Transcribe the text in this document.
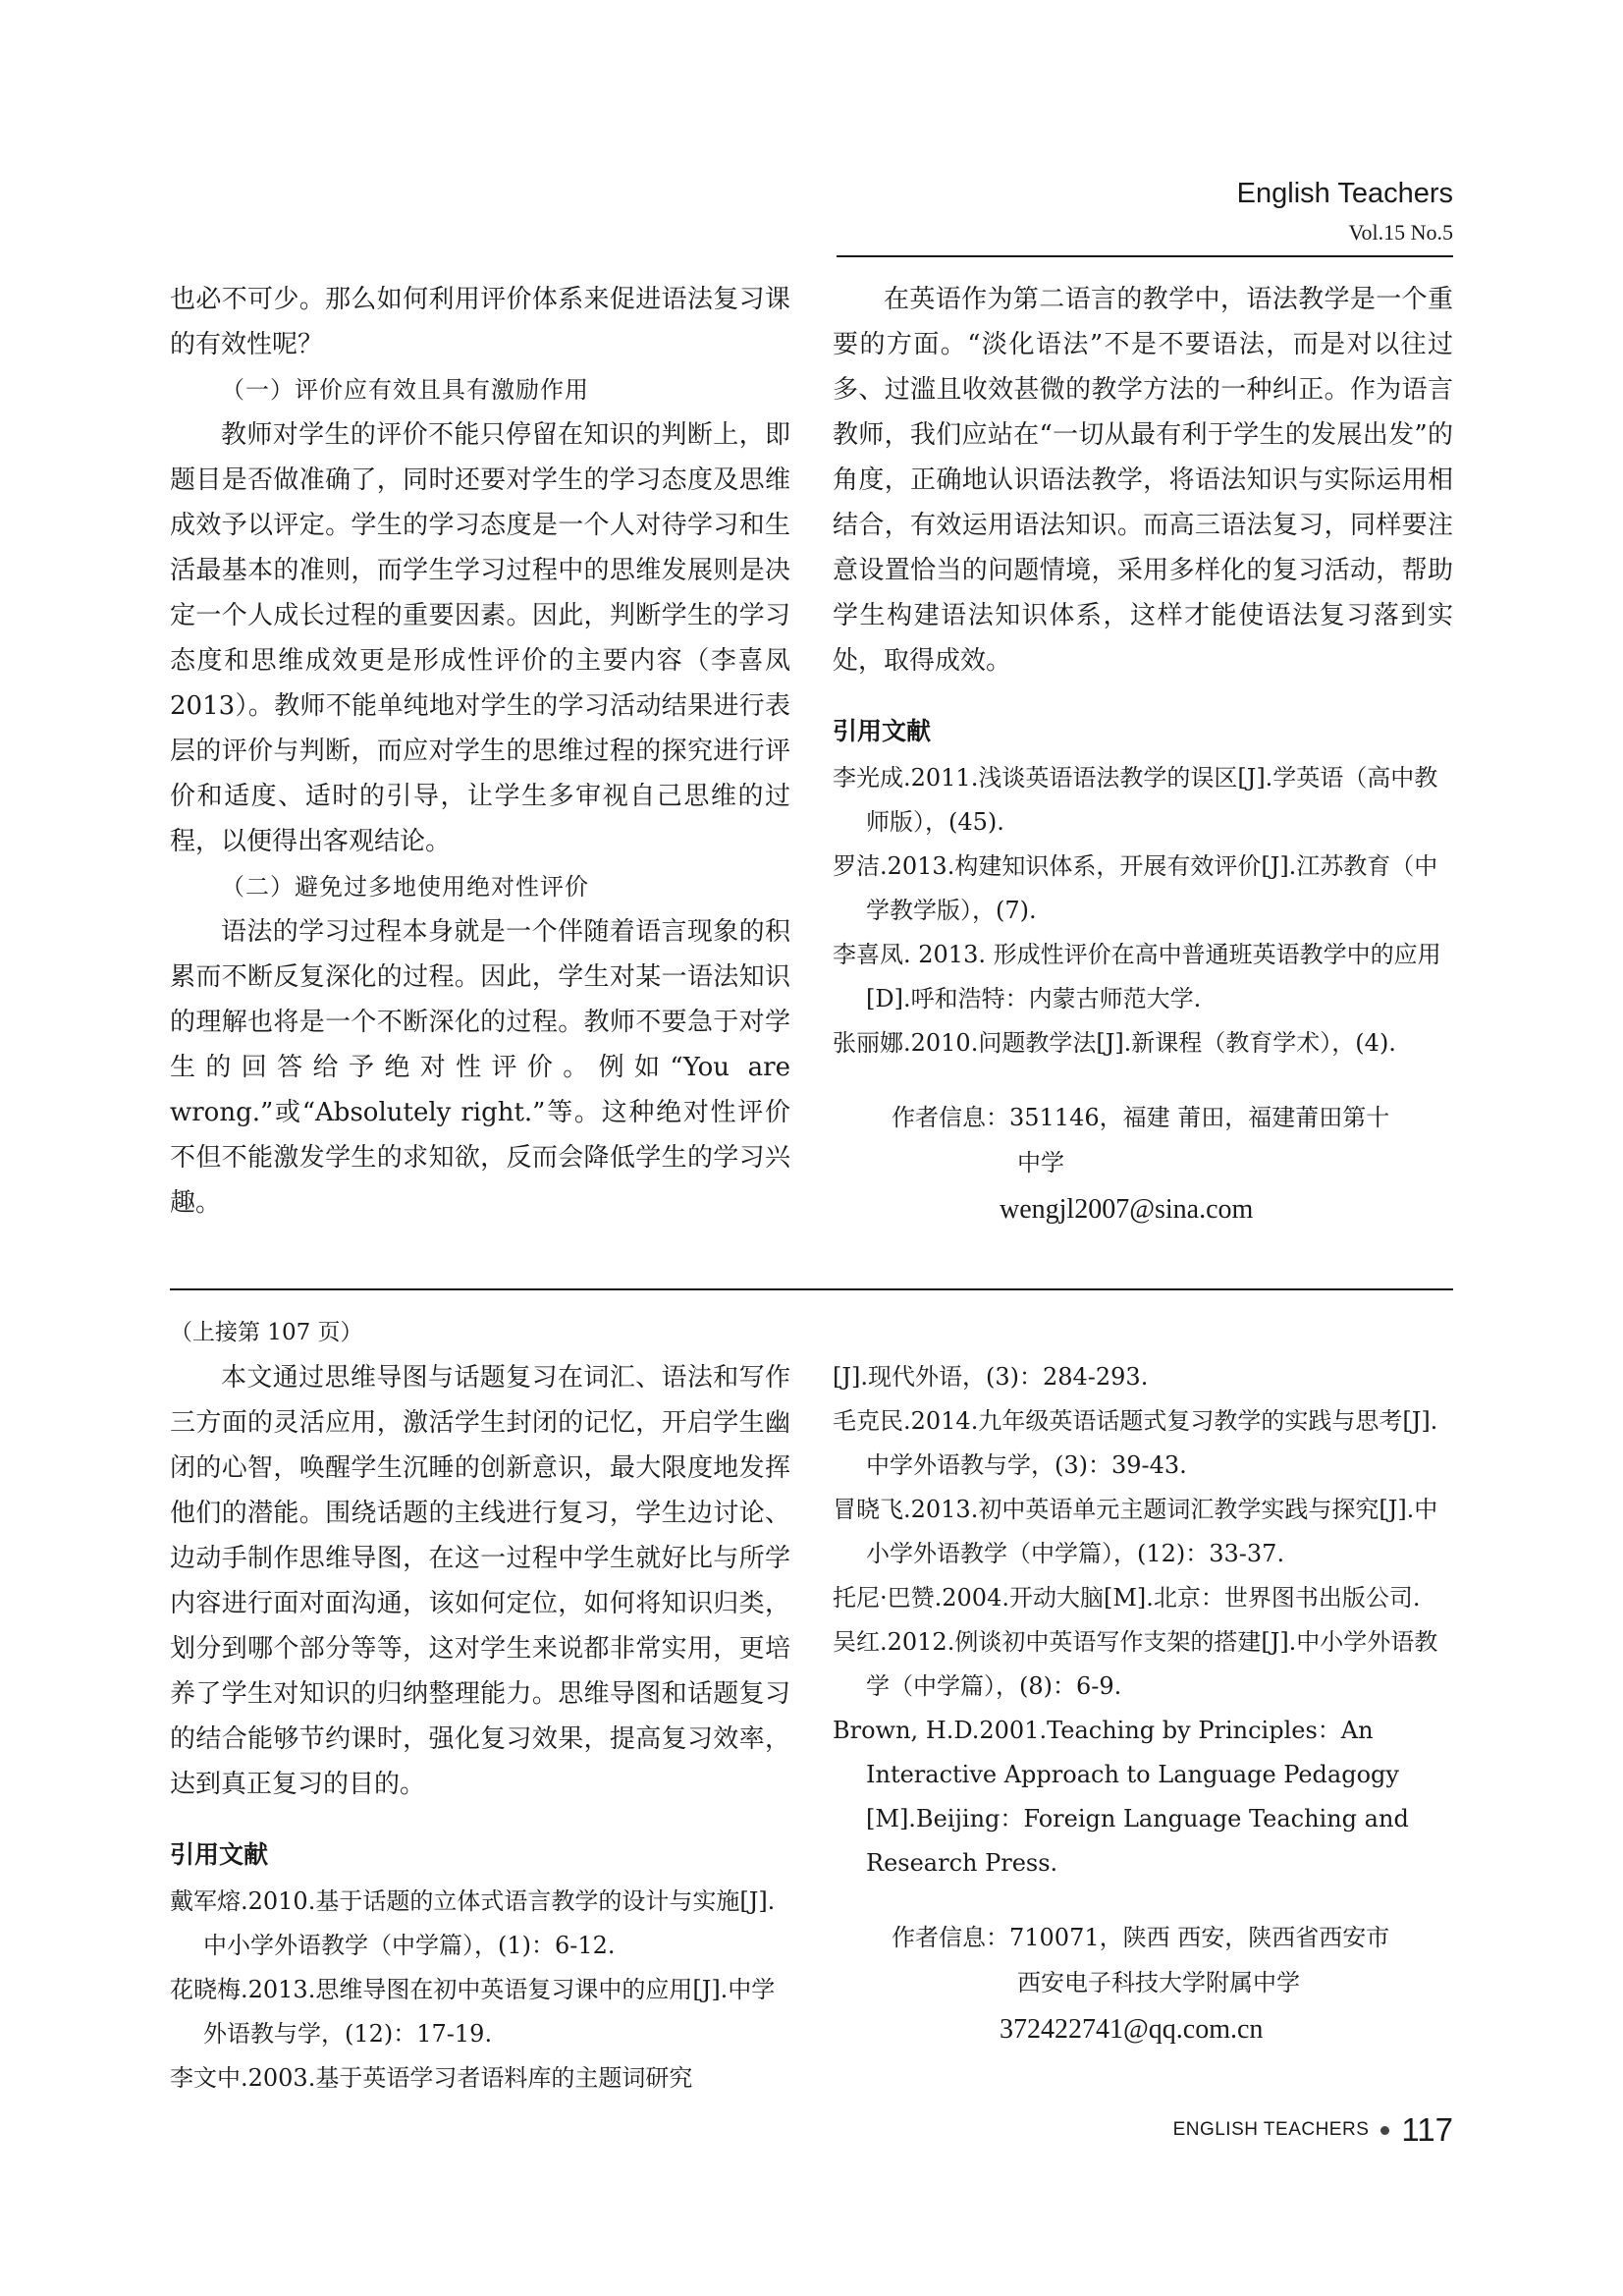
English Teachers
Vol.15 No.5

也必不可少。那么如何利用评价体系来促进语法复习课的有效性呢？

（一）评价应有效且具有激励作用

教师对学生的评价不能只停留在知识的判断上，即题目是否做准确了，同时还要对学生的学习态度及思维成效予以评定。学生的学习态度是一个人对待学习和生活最基本的准则，而学生学习过程中的思维发展则是决定一个人成长过程的重要因素。因此，判断学生的学习态度和思维成效更是形成性评价的主要内容（李喜凤 2013）。教师不能单纯地对学生的学习活动结果进行表层的评价与判断，而应对学生的思维过程的探究进行评价和适度、适时的引导，让学生多审视自己思维的过程，以便得出客观结论。

（二）避免过多地使用绝对性评价

语法的学习过程本身就是一个伴随着语言现象的积累而不断反复深化的过程。因此，学生对某一语法知识的理解也将是一个不断深化的过程。教师不要急于对学生的回答给予绝对性评价。例如“You are wrong.”或“Absolutely right.”等。这种绝对性评价不但不能激发学生的求知欲，反而会降低学生的学习兴趣。

在英语作为第二语言的教学中，语法教学是一个重要的方面。“淡化语法”不是不要语法，而是对以往过多、过滥且收效甚微的教学方法的一种纠正。作为语言教师，我们应站在“一切从最有利于学生的发展出发”的角度，正确地认识语法教学，将语法知识与实际运用相结合，有效运用语法知识。而高三语法复习，同样要注意设置恰当的问题情境，采用多样化的复习活动，帮助学生构建语法知识体系，这样才能使语法复习落到实处，取得成效。

引用文献
李光成.2011.浅谈英语语法教学的误区[J].学英语（高中教师版），(45).
罗洁.2013.构建知识体系，开展有效评价[J].江苏教育（中学教学版），(7).
李喜凤. 2013. 形成性评价在高中普通班英语教学中的应用[D].呼和浩特：内蒙古师范大学.
张丽娜.2010.问题教学法[J].新课程（教育学术），(4).
作者信息：351146，福建 莆田，福建莆田第十
中学
wengjl2007@sina.com
（上接第 107 页）

本文通过思维导图与话题复习在词汇、语法和写作三方面的灵活应用，激活学生封闭的记忆，开启学生幽闭的心智，唤醒学生沉睡的创新意识，最大限度地发挥他们的潜能。围绕话题的主线进行复习，学生边讨论、边动手制作思维导图，在这一过程中学生就好比与所学内容进行面对面沟通，该如何定位，如何将知识归类，划分到哪个部分等等，这对学生来说都非常实用，更培养了学生对知识的归纳整理能力。思维导图和话题复习的结合能够节约课时，强化复习效果，提高复习效率，达到真正复习的目的。

引用文献
戴军熔.2010.基于话题的立体式语言教学的设计与实施[J].中小学外语教学（中学篇），(1)：6-12.
花晓梅.2013.思维导图在初中英语复习课中的应用[J].中学外语教与学，(12)：17-19.
李文中.2003.基于英语学习者语料库的主题词研究
[J].现代外语，(3)：284-293.
毛克民.2014.九年级英语话题式复习教学的实践与思考[J].中学外语教与学，(3)：39-43.
冒晓飞.2013.初中英语单元主题词汇教学实践与探究[J].中小学外语教学（中学篇），(12)：33-37.
托尼·巴赞.2004.开动大脑[M].北京：世界图书出版公司.
吴红.2012.例谈初中英语写作支架的搭建[J].中小学外语教学（中学篇），(8)：6-9.
Brown, H.D.2001.Teaching by Principles：An Interactive Approach to Language Pedagogy [M].Beijing：Foreign Language Teaching and Research Press.
作者信息：710071，陕西 西安，陕西省西安市
西安电子科技大学附属中学
372422741@qq.com.cn
ENGLISH TEACHERS 117
